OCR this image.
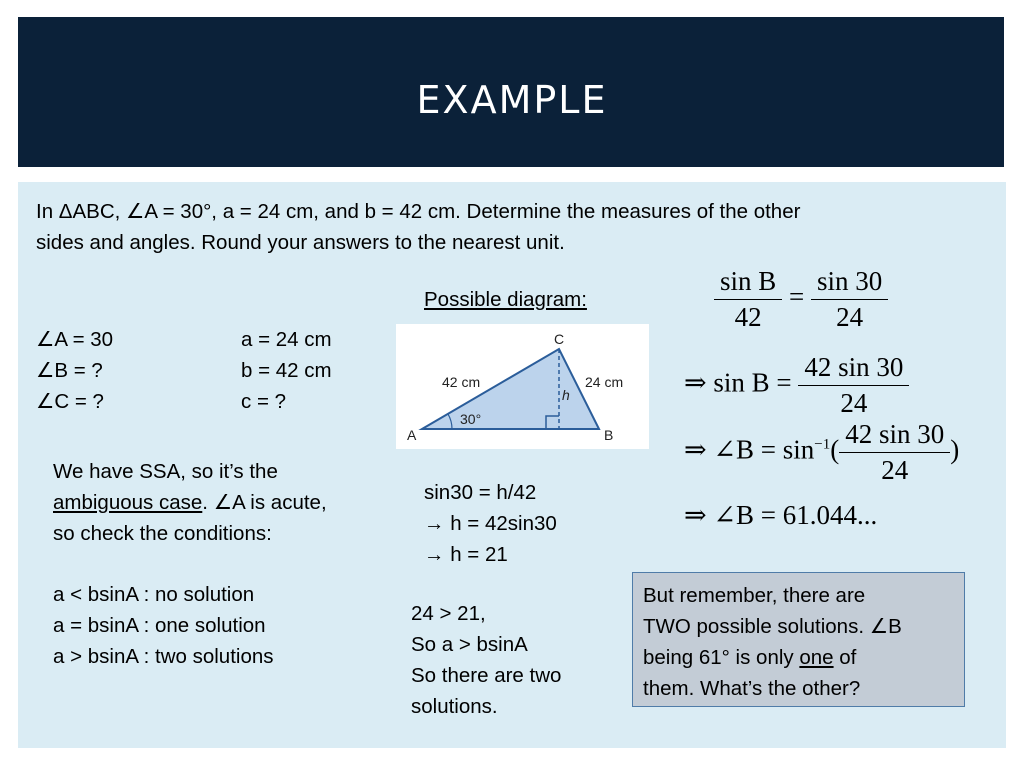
EXAMPLE

In ΔABC, ∠A = 30°, a = 24 cm, and b = 42 cm. Determine the measures of the other

sides and angles. Round your answers to the nearest unit.

∠A = 30
∠B = ?
∠C = ?
a = 24 cm
b = 42 cm
c = ?

Possible diagram:

A	B
C
42 cm	24 cm
h
30°
We have SSA, so it’s the
ambiguous case. ∠A is acute,
so check the conditions:
a < bsinA : no solution
a = bsinA : one solution
a > bsinA : two solutions
sin30 = h/42
→ h = 42sin30
→ h = 21
24 > 21,
So a > bsinA
So there are two
solutions.
$\frac{\text{sin B}}{42} = \frac{\sin 30}{24}$
⇒ $\sin B = \frac{42 \sin 30}{24}$
⇒ ∠B = $\sin^{-1}( \frac{42 \sin 30}{24}$ )
⇒ ∠B = 61.044...

But remember, there are
TWO possible solutions. ∠B
being 61° is only one of
them. What’s the other?
